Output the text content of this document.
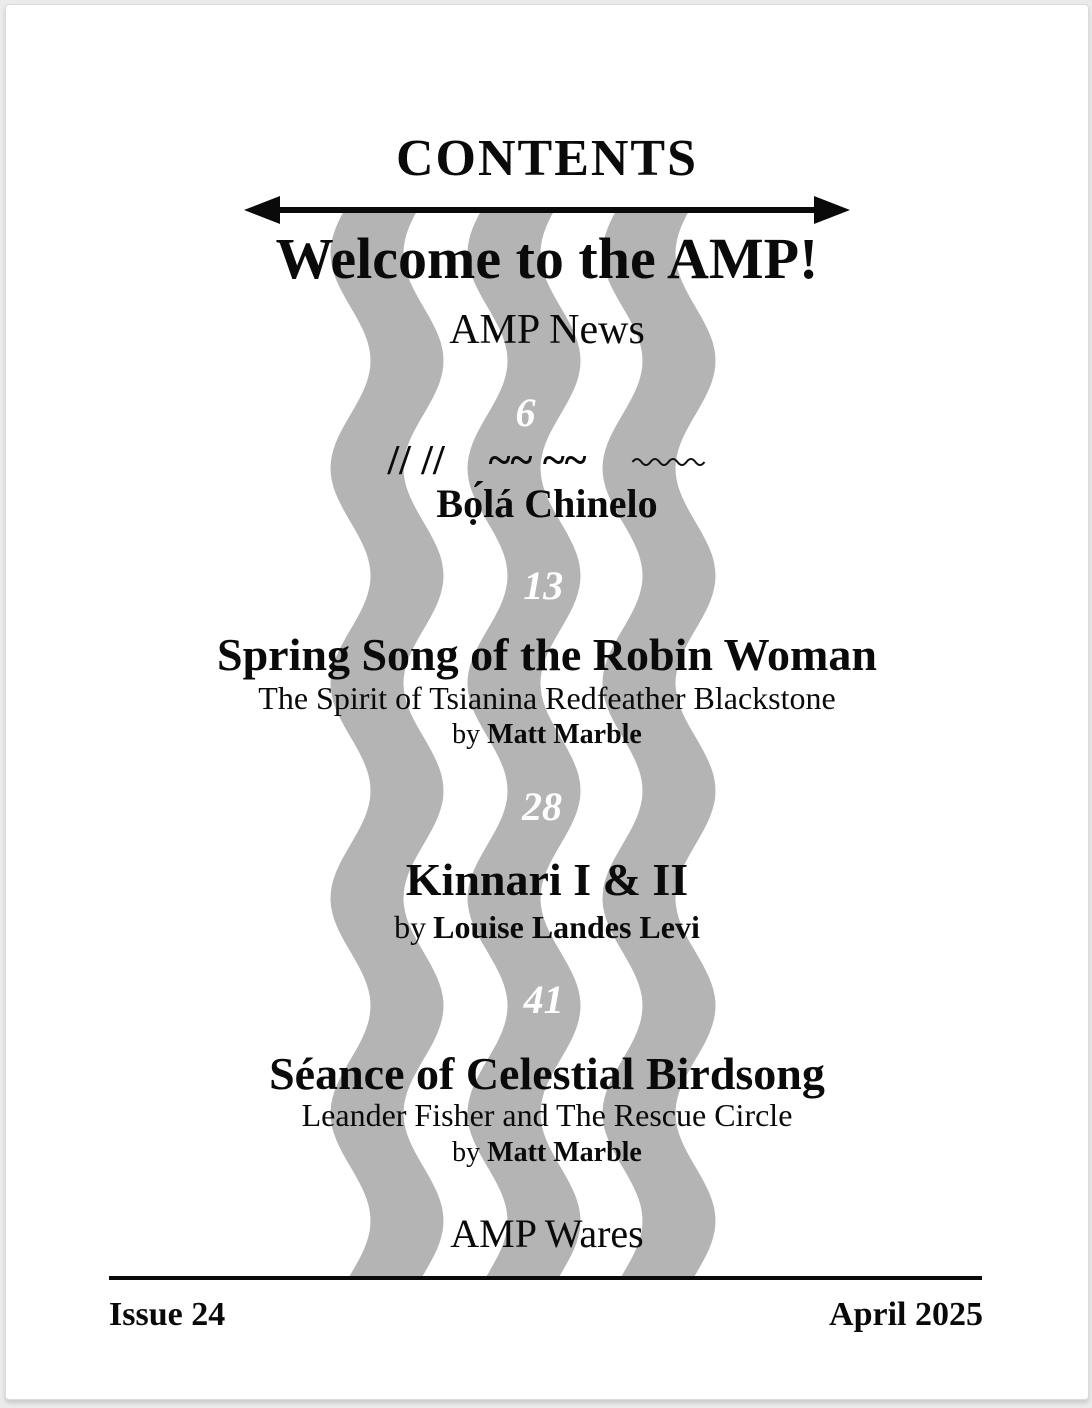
CONTENTS
Welcome to the AMP!
AMP News
6
// // ~~ ~~
Bọ́lá Chinelo
13
Spring Song of the Robin Woman
The Spirit of Tsianina Redfeather Blackstone
by Matt Marble
28
Kinnari I & II
by Louise Landes Levi
41
Séance of Celestial Birdsong
Leander Fisher and The Rescue Circle
by Matt Marble
AMP Wares
Issue 24	April 2025
